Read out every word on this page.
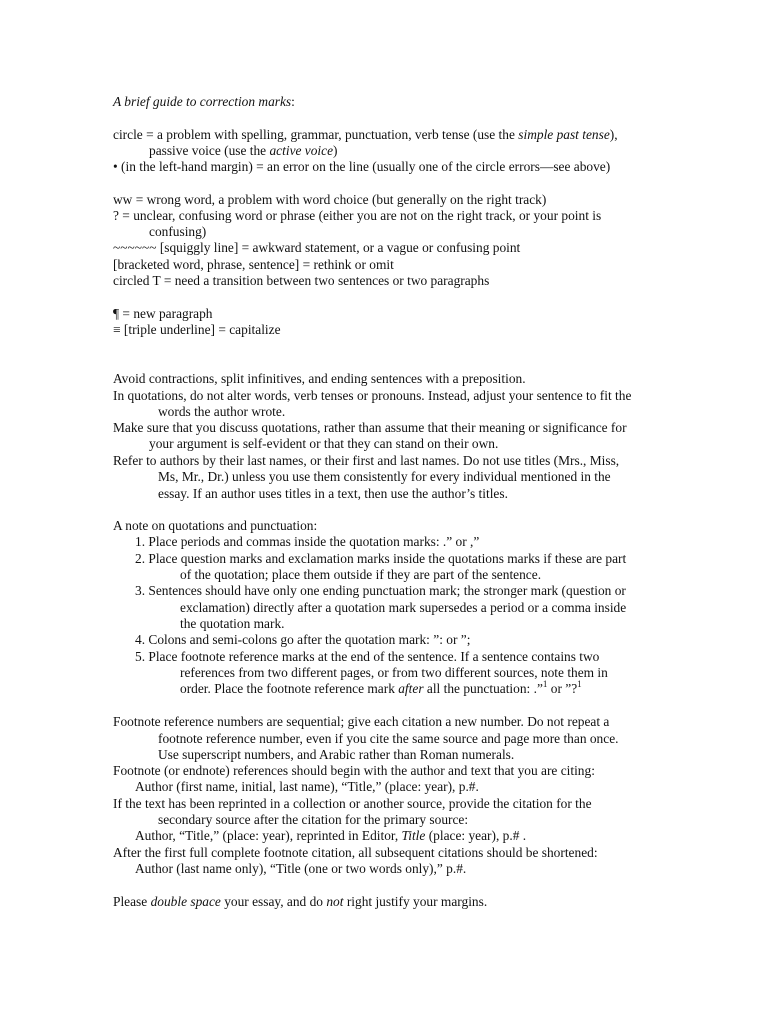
A brief guide to correction marks:
circle = a problem with spelling, grammar, punctuation, verb tense (use the simple past tense),
passive voice (use the active voice)
• (in the left-hand margin) = an error on the line (usually one of the circle errors—see above)
ww = wrong word, a problem with word choice (but generally on the right track)
? = unclear, confusing word or phrase (either you are not on the right track, or your point is
confusing)
~~~~~~ [squiggly line] = awkward statement, or a vague or confusing point
[bracketed word, phrase, sentence] = rethink or omit
circled T = need a transition between two sentences or two paragraphs
¶ = new paragraph
≡ [triple underline] = capitalize
Avoid contractions, split infinitives, and ending sentences with a preposition.
In quotations, do not alter words, verb tenses or pronouns. Instead, adjust your sentence to fit the
words the author wrote.
Make sure that you discuss quotations, rather than assume that their meaning or significance for
your argument is self-evident or that they can stand on their own.
Refer to authors by their last names, or their first and last names. Do not use titles (Mrs., Miss,
Ms, Mr., Dr.) unless you use them consistently for every individual mentioned in the
essay. If an author uses titles in a text, then use the author’s titles.
A note on quotations and punctuation:
1. Place periods and commas inside the quotation marks: .” or ,”
2. Place question marks and exclamation marks inside the quotations marks if these are part
of the quotation; place them outside if they are part of the sentence.
3. Sentences should have only one ending punctuation mark; the stronger mark (question or
exclamation) directly after a quotation mark supersedes a period or a comma inside
the quotation mark.
4. Colons and semi-colons go after the quotation mark: ”: or ”;
5. Place footnote reference marks at the end of the sentence. If a sentence contains two
references from two different pages, or from two different sources, note them in
order. Place the footnote reference mark after all the punctuation: .”$^1$ or ”?$^1$
Footnote reference numbers are sequential; give each citation a new number. Do not repeat a
footnote reference number, even if you cite the same source and page more than once.
Use superscript numbers, and Arabic rather than Roman numerals.
Footnote (or endnote) references should begin with the author and text that you are citing:
Author (first name, initial, last name), “Title,” (place: year), p.#.
If the text has been reprinted in a collection or another source, provide the citation for the
secondary source after the citation for the primary source:
Author, “Title,” (place: year), reprinted in Editor, Title (place: year), p.# .
After the first full complete footnote citation, all subsequent citations should be shortened:
Author (last name only), “Title (one or two words only),” p.#.
Please double space your essay, and do not right justify your margins.
